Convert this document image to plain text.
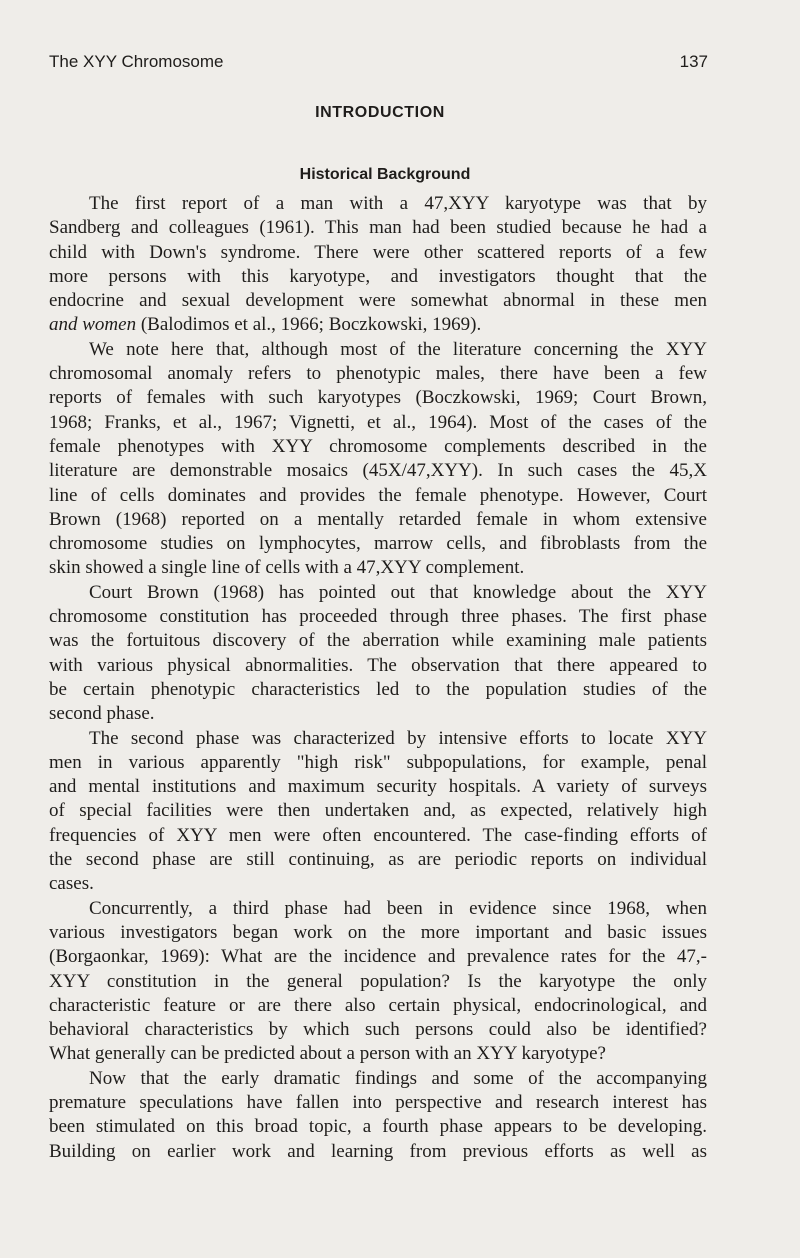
The XYY Chromosome	137
INTRODUCTION
Historical Background
The first report of a man with a 47,XYY karyotype was that by
Sandberg and colleagues (1961). This man had been studied because he had a
child with Down's syndrome. There were other scattered reports of a few
more persons with this karyotype, and investigators thought that the
endocrine and sexual development were somewhat abnormal in these men
and women (Balodimos et al., 1966; Boczkowski, 1969).
We note here that, although most of the literature concerning the XYY
chromosomal anomaly refers to phenotypic males, there have been a few
reports of females with such karyotypes (Boczkowski, 1969; Court Brown,
1968; Franks, et al., 1967; Vignetti, et al., 1964). Most of the cases of the
female phenotypes with XYY chromosome complements described in the
literature are demonstrable mosaics (45X/47,XYY). In such cases the 45,X
line of cells dominates and provides the female phenotype. However, Court
Brown (1968) reported on a mentally retarded female in whom extensive
chromosome studies on lymphocytes, marrow cells, and fibroblasts from the
skin showed a single line of cells with a 47,XYY complement.
Court Brown (1968) has pointed out that knowledge about the XYY
chromosome constitution has proceeded through three phases. The first phase
was the fortuitous discovery of the aberration while examining male patients
with various physical abnormalities. The observation that there appeared to
be certain phenotypic characteristics led to the population studies of the
second phase.
The second phase was characterized by intensive efforts to locate XYY
men in various apparently "high risk" subpopulations, for example, penal
and mental institutions and maximum security hospitals. A variety of surveys
of special facilities were then undertaken and, as expected, relatively high
frequencies of XYY men were often encountered. The case-finding efforts of
the second phase are still continuing, as are periodic reports on individual
cases.
Concurrently, a third phase had been in evidence since 1968, when
various investigators began work on the more important and basic issues
(Borgaonkar, 1969): What are the incidence and prevalence rates for the 47,-
XYY constitution in the general population? Is the karyotype the only
characteristic feature or are there also certain physical, endocrinological, and
behavioral characteristics by which such persons could also be identified?
What generally can be predicted about a person with an XYY karyotype?
Now that the early dramatic findings and some of the accompanying
premature speculations have fallen into perspective and research interest has
been stimulated on this broad topic, a fourth phase appears to be developing.
Building on earlier work and learning from previous efforts as well as
